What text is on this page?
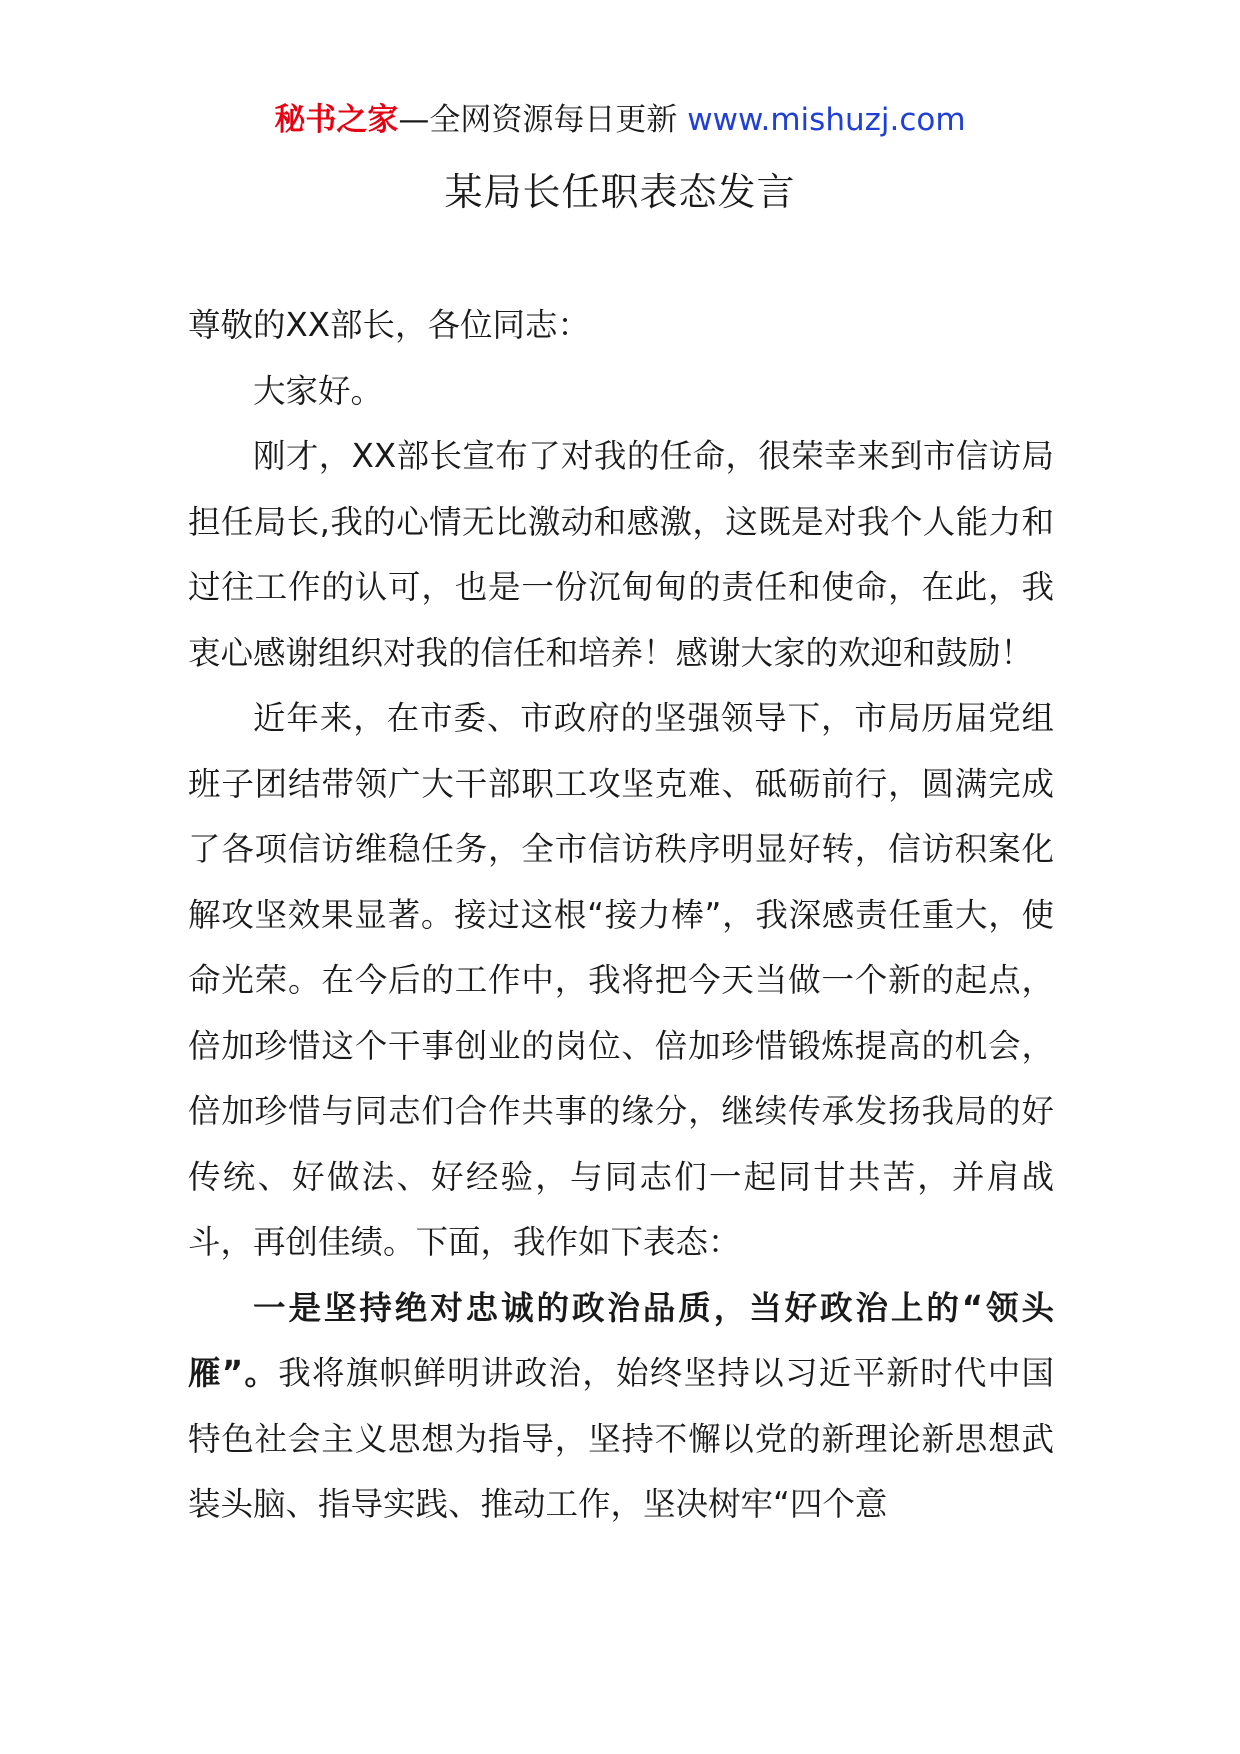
秘书之家—全网资源每日更新 www.mishuzj.com
某局长任职表态发言

尊敬的XX部长，各位同志：

大家好。

刚才，XX部长宣布了对我的任命，很荣幸来到市信访局担任局长,我的心情无比激动和感激，这既是对我个人能力和过往工作的认可，也是一份沉甸甸的责任和使命，在此，我衷心感谢组织对我的信任和培养！感谢大家的欢迎和鼓励！

近年来，在市委、市政府的坚强领导下，市局历届党组班子团结带领广大干部职工攻坚克难、砥砺前行，圆满完成了各项信访维稳任务，全市信访秩序明显好转，信访积案化解攻坚效果显著。接过这根“接力棒”，我深感责任重大，使命光荣。在今后的工作中，我将把今天当做一个新的起点，倍加珍惜这个干事创业的岗位、倍加珍惜锻炼提高的机会，倍加珍惜与同志们合作共事的缘分，继续传承发扬我局的好传统、好做法、好经验，与同志们一起同甘共苦，并肩战斗，再创佳绩。下面，我作如下表态：

一是坚持绝对忠诚的政治品质，当好政治上的“领头雁”。我将旗帜鲜明讲政治，始终坚持以习近平新时代中国特色社会主义思想为指导，坚持不懈以党的新理论新思想武装头脑、指导实践、推动工作，坚决树牢“四个意
